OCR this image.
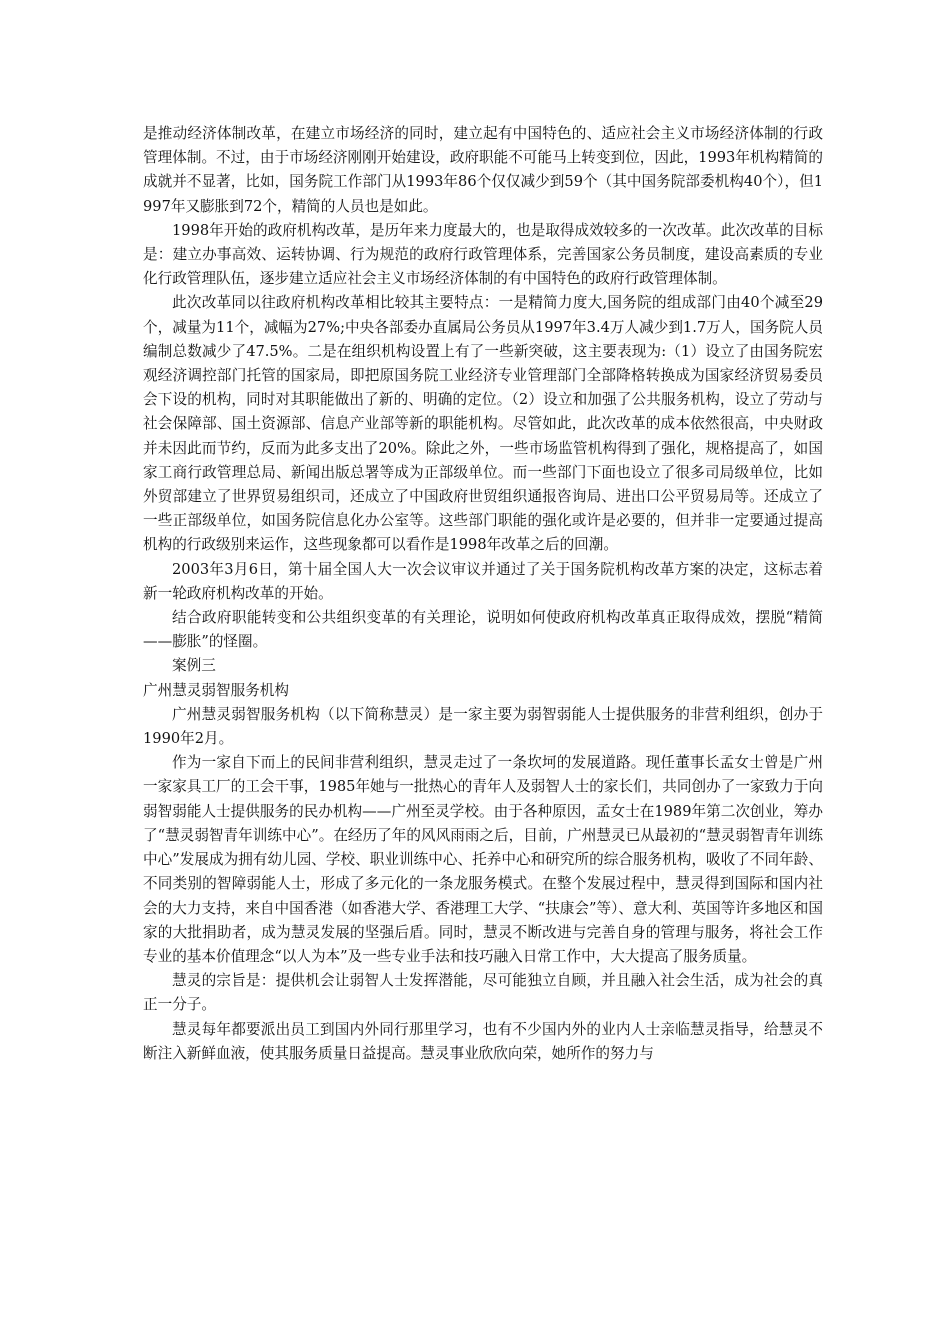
是推动经济体制改革，在建立市场经济的同时，建立起有中国特色的、适应社会主义市场经济体制的行政管理体制。不过，由于市场经济刚刚开始建设，政府职能不可能马上转变到位，因此，1993年机构精简的成就并不显著，比如，国务院工作部门从1993年86个仅仅减少到59个（其中国务院部委机构40个），但1997年又膨胀到72个，精简的人员也是如此。

1998年开始的政府机构改革，是历年来力度最大的，也是取得成效较多的一次改革。此次改革的目标是：建立办事高效、运转协调、行为规范的政府行政管理体系，完善国家公务员制度，建设高素质的专业化行政管理队伍，逐步建立适应社会主义市场经济体制的有中国特色的政府行政管理体制。

此次改革同以往政府机构改革相比较其主要特点：一是精简力度大,国务院的组成部门由40个减至29个，减量为11个，减幅为27%;中央各部委办直属局公务员从1997年3.4万人减少到1.7万人，国务院人员编制总数减少了47.5%。二是在组织机构设置上有了一些新突破，这主要表现为:（1）设立了由国务院宏观经济调控部门托管的国家局，即把原国务院工业经济专业管理部门全部降格转换成为国家经济贸易委员会下设的机构，同时对其职能做出了新的、明确的定位。（2）设立和加强了公共服务机构，设立了劳动与社会保障部、国土资源部、信息产业部等新的职能机构。尽管如此，此次改革的成本依然很高，中央财政并未因此而节约，反而为此多支出了20%。除此之外，一些市场监管机构得到了强化，规格提高了，如国家工商行政管理总局、新闻出版总署等成为正部级单位。而一些部门下面也设立了很多司局级单位，比如外贸部建立了世界贸易组织司，还成立了中国政府世贸组织通报咨询局、进出口公平贸易局等。还成立了一些正部级单位，如国务院信息化办公室等。这些部门职能的强化或许是必要的，但并非一定要通过提高机构的行政级别来运作，这些现象都可以看作是1998年改革之后的回潮。

2003年3月6日，第十届全国人大一次会议审议并通过了关于国务院机构改革方案的决定，这标志着新一轮政府机构改革的开始。

结合政府职能转变和公共组织变革的有关理论，说明如何使政府机构改革真正取得成效，摆脱“精简——膨胀”的怪圈。

案例三

广州慧灵弱智服务机构

广州慧灵弱智服务机构（以下简称慧灵）是一家主要为弱智弱能人士提供服务的非营利组织，创办于1990年2月。

作为一家自下而上的民间非营利组织，慧灵走过了一条坎坷的发展道路。现任董事长孟女士曾是广州一家家具工厂的工会干事，1985年她与一批热心的青年人及弱智人士的家长们，共同创办了一家致力于向弱智弱能人士提供服务的民办机构——广州至灵学校。由于各种原因，孟女士在1989年第二次创业，筹办了“慧灵弱智青年训练中心”。在经历了年的风风雨雨之后，目前，广州慧灵已从最初的“慧灵弱智青年训练中心”发展成为拥有幼儿园、学校、职业训练中心、托养中心和研究所的综合服务机构，吸收了不同年龄、不同类别的智障弱能人士，形成了多元化的一条龙服务模式。在整个发展过程中，慧灵得到国际和国内社会的大力支持，来自中国香港（如香港大学、香港理工大学、“扶康会”等）、意大利、英国等许多地区和国家的大批捐助者，成为慧灵发展的坚强后盾。同时，慧灵不断改进与完善自身的管理与服务，将社会工作专业的基本价值理念“以人为本”及一些专业手法和技巧融入日常工作中，大大提高了服务质量。

慧灵的宗旨是：提供机会让弱智人士发挥潜能，尽可能独立自顾，并且融入社会生活，成为社会的真正一分子。

慧灵每年都要派出员工到国内外同行那里学习，也有不少国内外的业内人士亲临慧灵指导，给慧灵不断注入新鲜血液，使其服务质量日益提高。慧灵事业欣欣向荣，她所作的努力与
